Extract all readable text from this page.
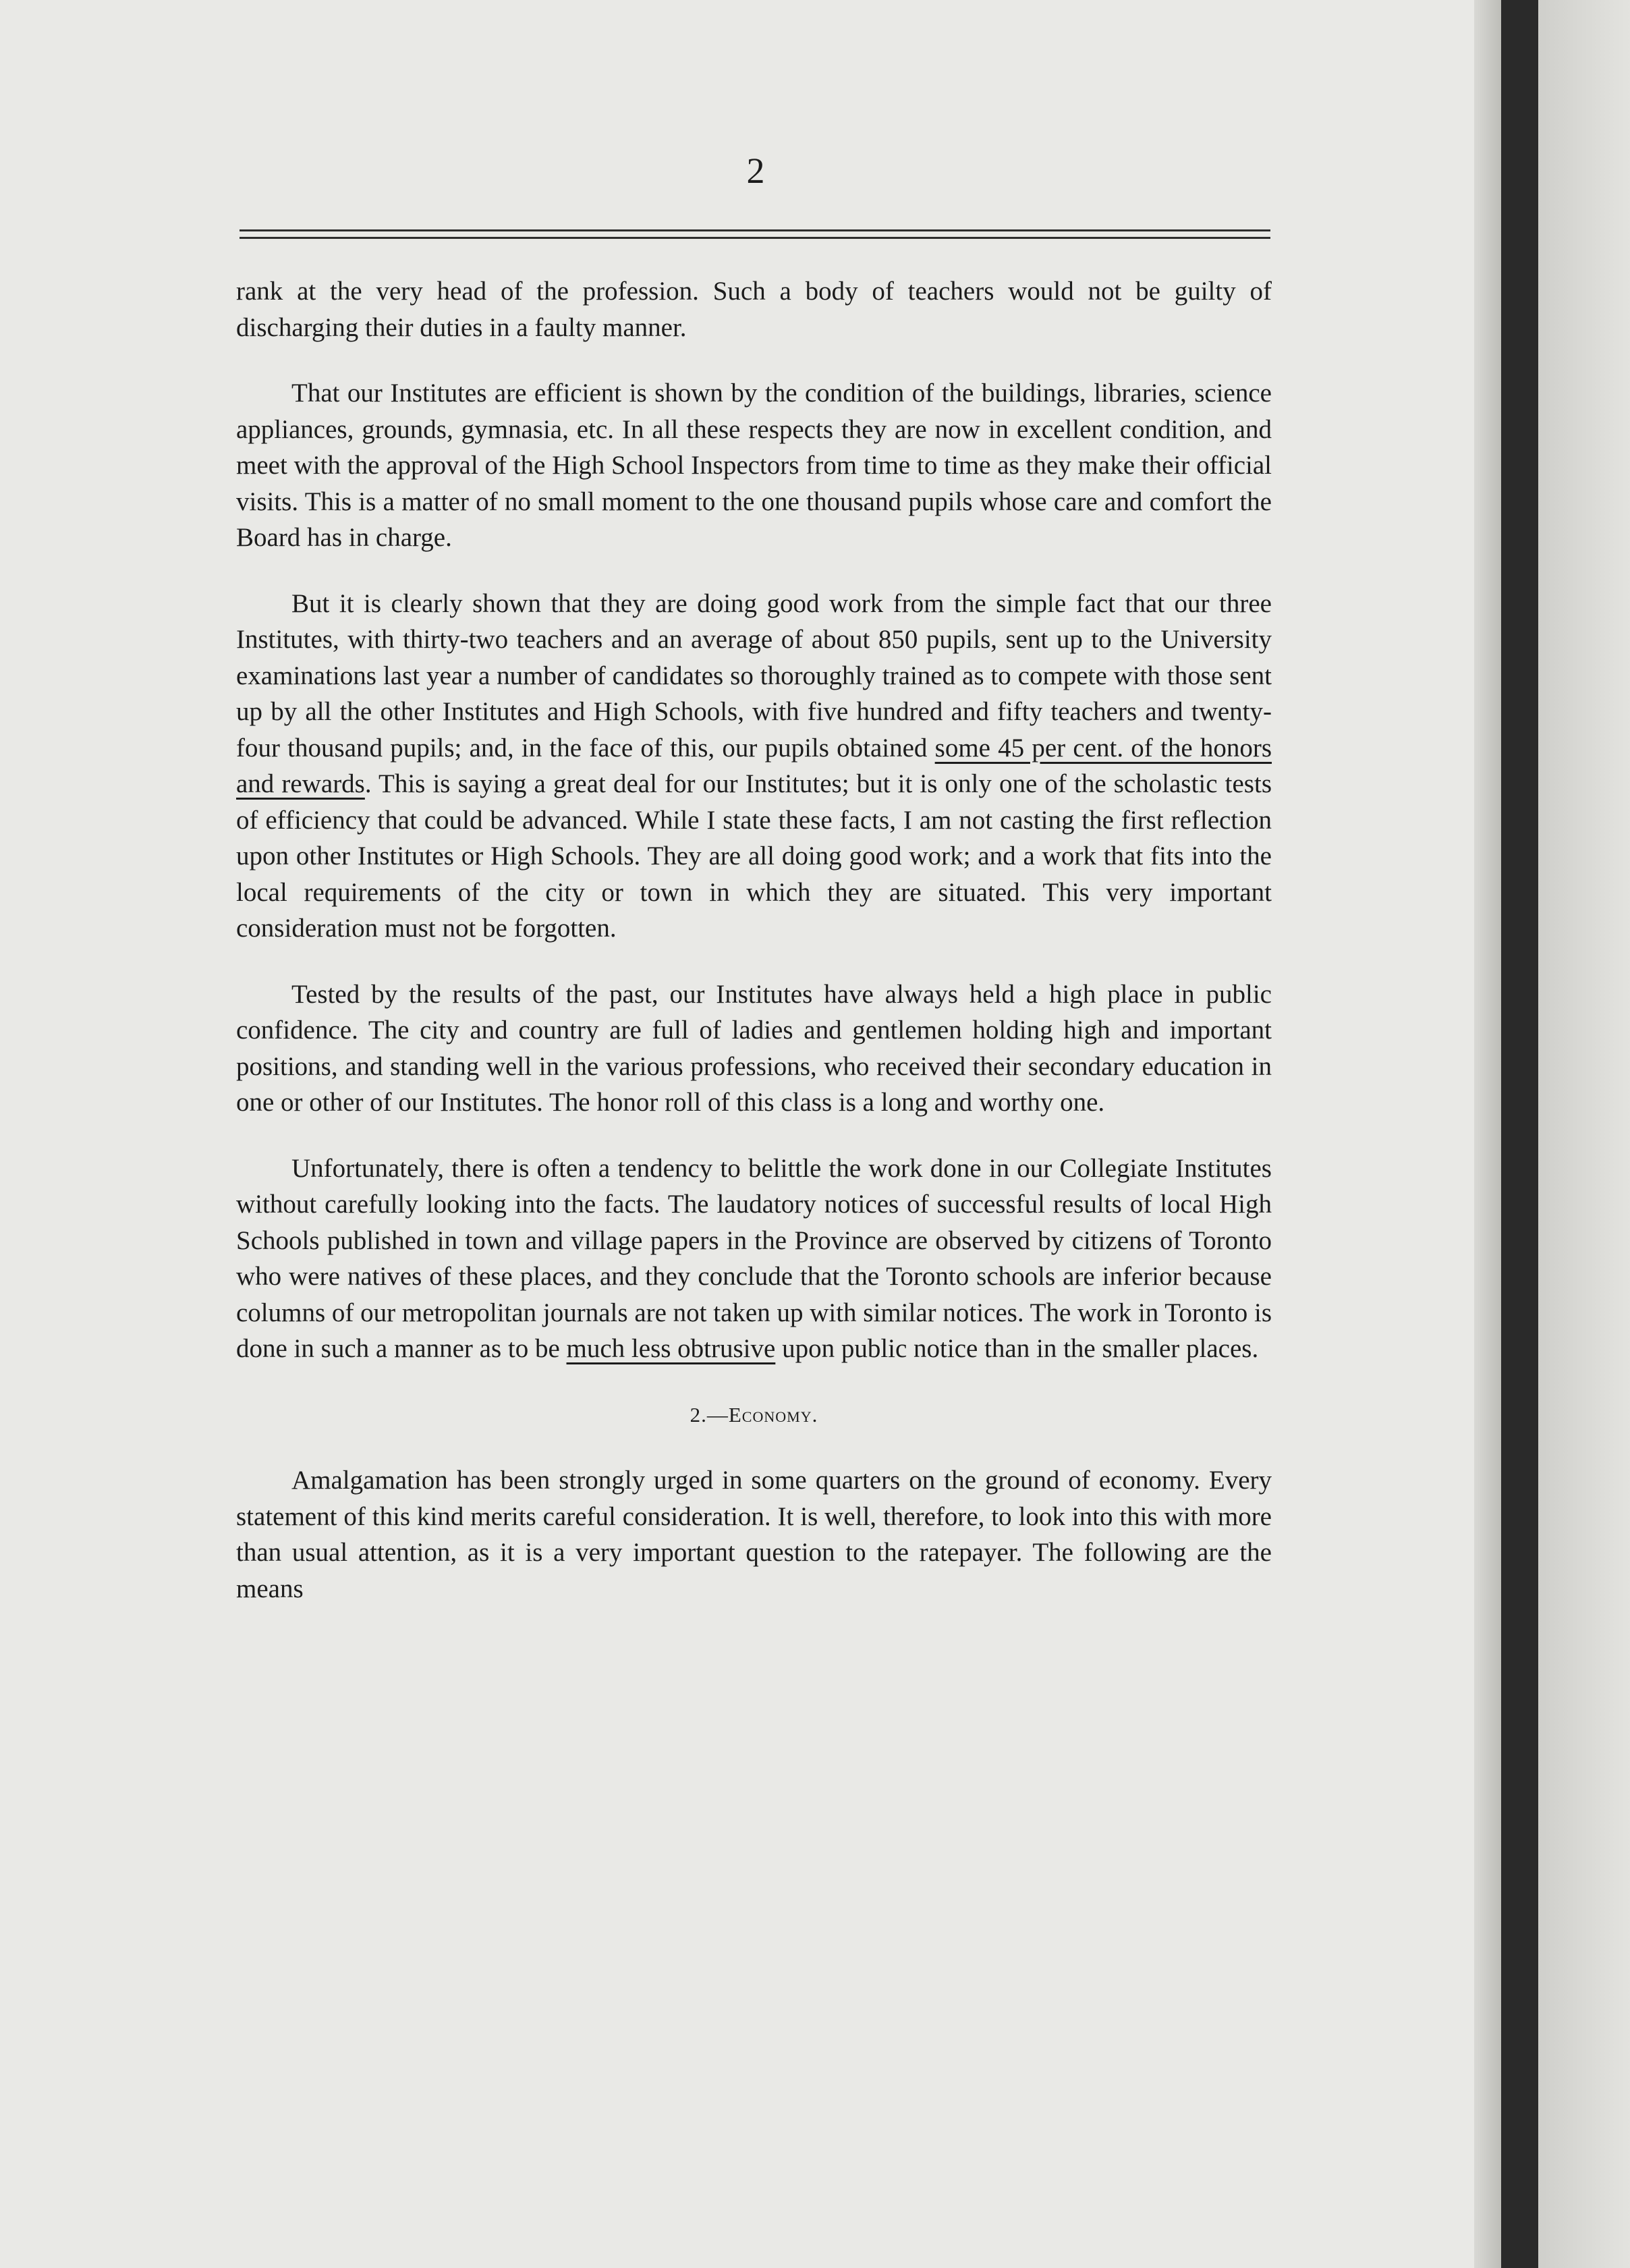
2

rank at the very head of the profession. Such a body of teachers would not be guilty of discharging their duties in a faulty manner.

That our Institutes are efficient is shown by the condition of the buildings, libraries, science appliances, grounds, gymnasia, etc. In all these respects they are now in excellent condition, and meet with the approval of the High School Inspectors from time to time as they make their official visits. This is a matter of no small moment to the one thousand pupils whose care and comfort the Board has in charge.

But it is clearly shown that they are doing good work from the simple fact that our three Institutes, with thirty-two teachers and an average of about 850 pupils, sent up to the University examinations last year a number of candidates so thoroughly trained as to compete with those sent up by all the other Institutes and High Schools, with five hundred and fifty teachers and twenty-four thousand pupils; and, in the face of this, our pupils obtained some 45 per cent. of the honors and rewards. This is saying a great deal for our Institutes; but it is only one of the scholastic tests of efficiency that could be advanced. While I state these facts, I am not casting the first reflection upon other Institutes or High Schools. They are all doing good work; and a work that fits into the local requirements of the city or town in which they are situated. This very important consideration must not be forgotten.

Tested by the results of the past, our Institutes have always held a high place in public confidence. The city and country are full of ladies and gentlemen holding high and important positions, and standing well in the various professions, who received their secondary education in one or other of our Institutes. The honor roll of this class is a long and worthy one.

Unfortunately, there is often a tendency to belittle the work done in our Collegiate Institutes without carefully looking into the facts. The laudatory notices of successful results of local High Schools published in town and village papers in the Province are observed by citizens of Toronto who were natives of these places, and they conclude that the Toronto schools are inferior because columns of our metropolitan journals are not taken up with similar notices. The work in Toronto is done in such a manner as to be much less obtrusive upon public notice than in the smaller places.

2.—Economy.

Amalgamation has been strongly urged in some quarters on the ground of economy. Every statement of this kind merits careful consideration. It is well, therefore, to look into this with more than usual attention, as it is a very important question to the ratepayer. The following are the means
